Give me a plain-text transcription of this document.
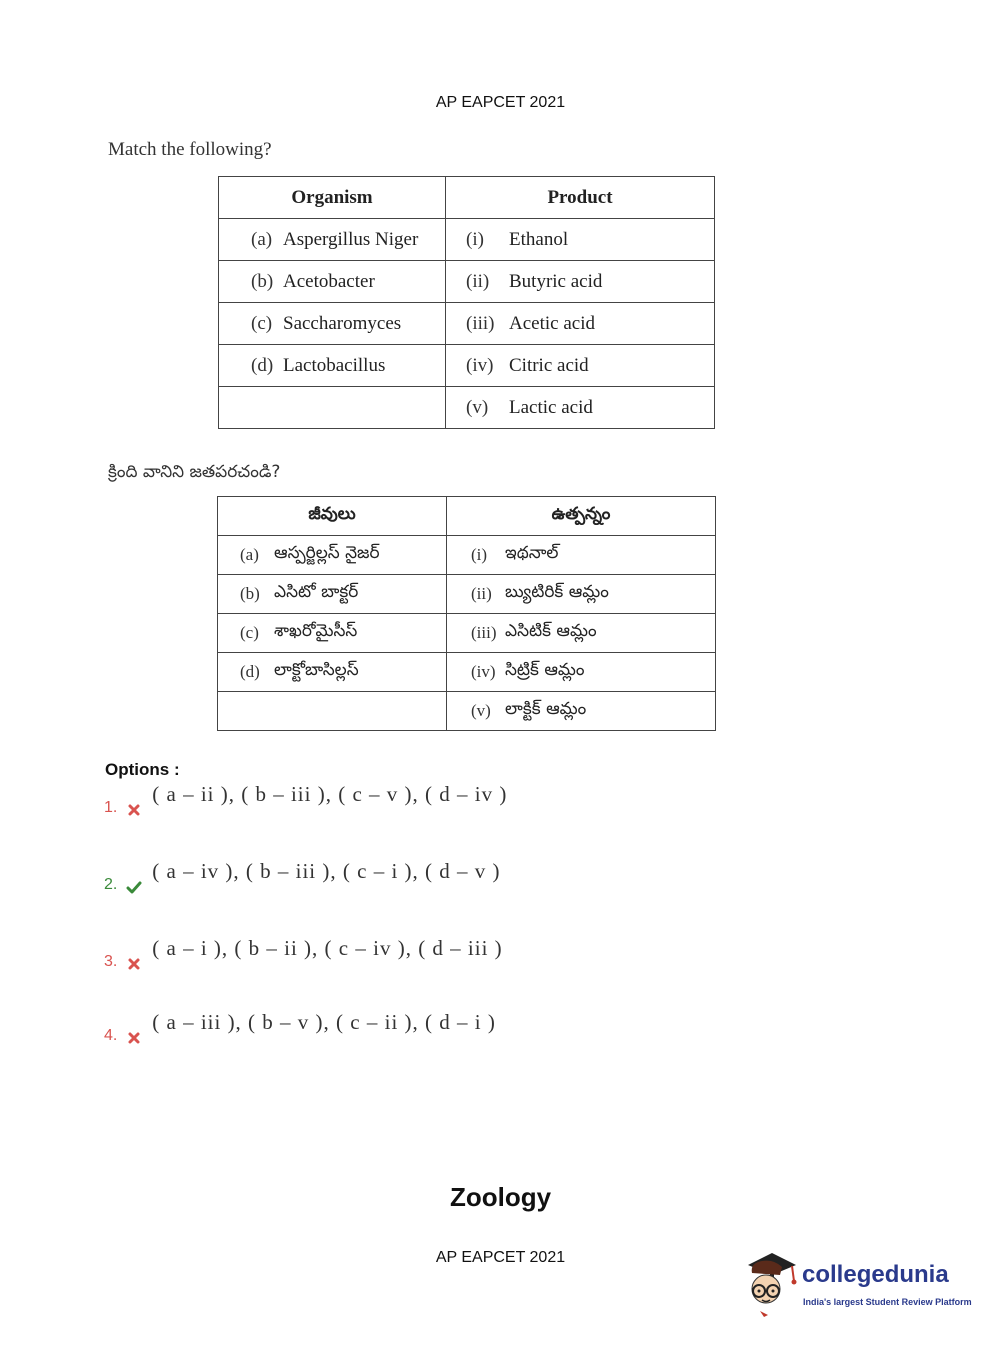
AP EAPCET 2021
Match the following?
Organism	Product

(a) Aspergillus Niger	(i) Ethanol

(b) Acetobacter	(ii) Butyric acid

(c) Saccharomyces	(iii) Acetic acid

(d) Lactobacillus	(iv) Citric acid

	(v) Lactic acid
క్రింది వానిని జతపరచండి?
జీవులు	ఉత్పన్నం

(a) ఆస్పర్జిల్లస్ నైజర్	(i) ఇథనాల్

(b) ఎసిటో బాక్టర్	(ii) బ్యుటిరిక్ ఆమ్లం

(c) శాఖరోమైసీస్	(iii) ఎసిటిక్ ఆమ్లం

(d) లాక్టోబాసిల్లస్	(iv) సిట్రిక్ ఆమ్లం

	(v) లాక్టిక్ ఆమ్లం
Options :
1.  ( a – ii ), ( b – iii ), ( c – v ), ( d – iv )
2.  ( a – iv ), ( b – iii ), ( c – i ), ( d – v )
3.  ( a – i ), ( b – ii ), ( c – iv ), ( d – iii )
4.  ( a – iii ), ( b – v ), ( c – ii ), ( d – i )
Zoology
AP EAPCET 2021
collegedunia
India's largest Student Review Platform
